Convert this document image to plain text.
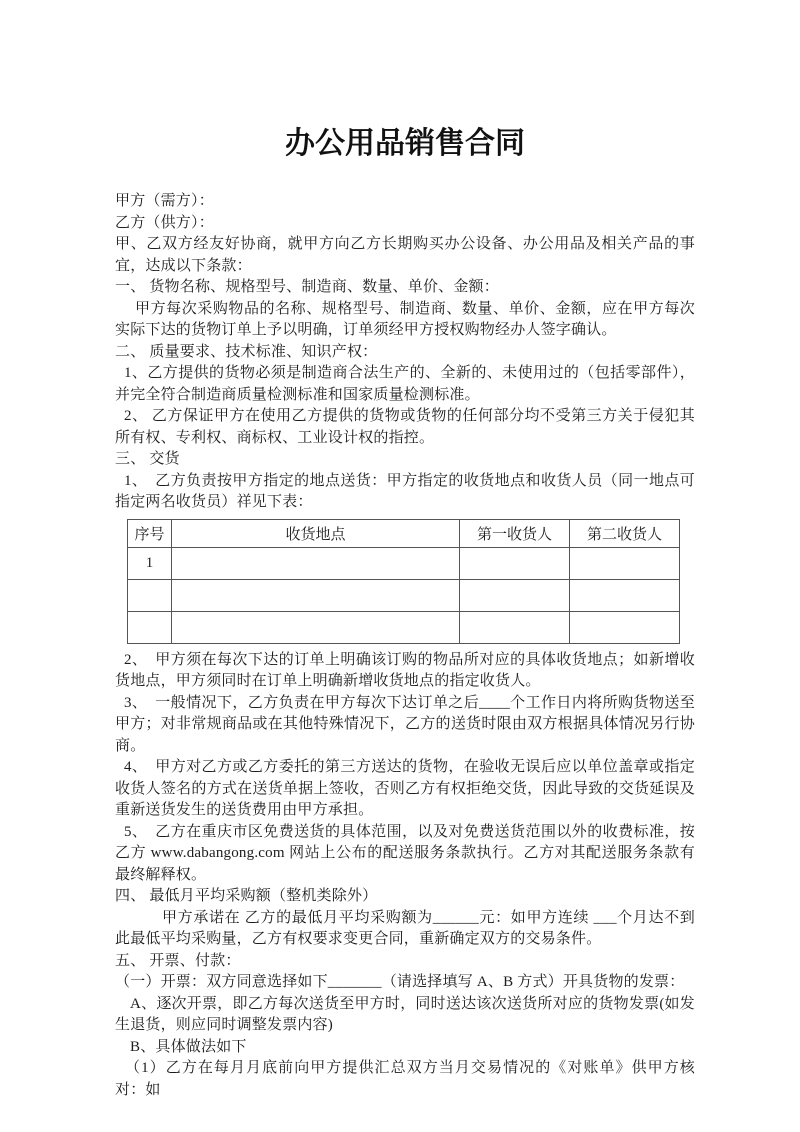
办公用品销售合同

甲方（需方）：

乙方（供方）：

甲、乙双方经友好协商，就甲方向乙方长期购买办公设备、办公用品及相关产品的事宜，达成以下条款：

一、 货物名称、规格型号、制造商、数量、单价、金额：

甲方每次采购物品的名称、规格型号、制造商、数量、单价、金额，应在甲方每次实际下达的货物订单上予以明确，订单须经甲方授权购物经办人签字确认。

二、 质量要求、技术标准、知识产权：

1、乙方提供的货物必须是制造商合法生产的、全新的、未使用过的（包括零部件），并完全符合制造商质量检测标准和国家质量检测标准。

2、 乙方保证甲方在使用乙方提供的货物或货物的任何部分均不受第三方关于侵犯其所有权、专利权、商标权、工业设计权的指控。

三、 交货

1、　乙方负责按甲方指定的地点送货：甲方指定的收货地点和收货人员（同一地点可指定两名收货员）祥见下表：

序号	收货地点	第一收货人	第二收货人
1			

2、　甲方须在每次下达的订单上明确该订购的物品所对应的具体收货地点；如新增收货地点，甲方须同时在订单上明确新增收货地点的指定收货人。

3、　一般情况下，乙方负责在甲方每次下达订单之后____个工作日内将所购货物送至甲方；对非常规商品或在其他特殊情况下，乙方的送货时限由双方根据具体情况另行协商。

4、　甲方对乙方或乙方委托的第三方送达的货物，在验收无误后应以单位盖章或指定收货人签名的方式在送货单据上签收，否则乙方有权拒绝交货，因此导致的交货延误及重新送货发生的送货费用由甲方承担。

5、　乙方在重庆市区免费送货的具体范围，以及对免费送货范围以外的收费标准，按乙方 www.dabangong.com 网站上公布的配送服务条款执行。乙方对其配送服务条款有最终解释权。

四、 最低月平均采购额（整机类除外）

甲方承诺在 乙方的最低月平均采购额为______元：如甲方连续 ___个月达不到此最低平均采购量，乙方有权要求变更合同，重新确定双方的交易条件。

五、 开票、付款：

（一）开票：双方同意选择如下_______（请选择填写 A、B 方式）开具货物的发票：

A、逐次开票，即乙方每次送货至甲方时，同时送达该次送货所对应的货物发票(如发生退货，则应同时调整发票内容)

B、具体做法如下

（1）乙方在每月月底前向甲方提供汇总双方当月交易情况的《对账单》供甲方核对：如
